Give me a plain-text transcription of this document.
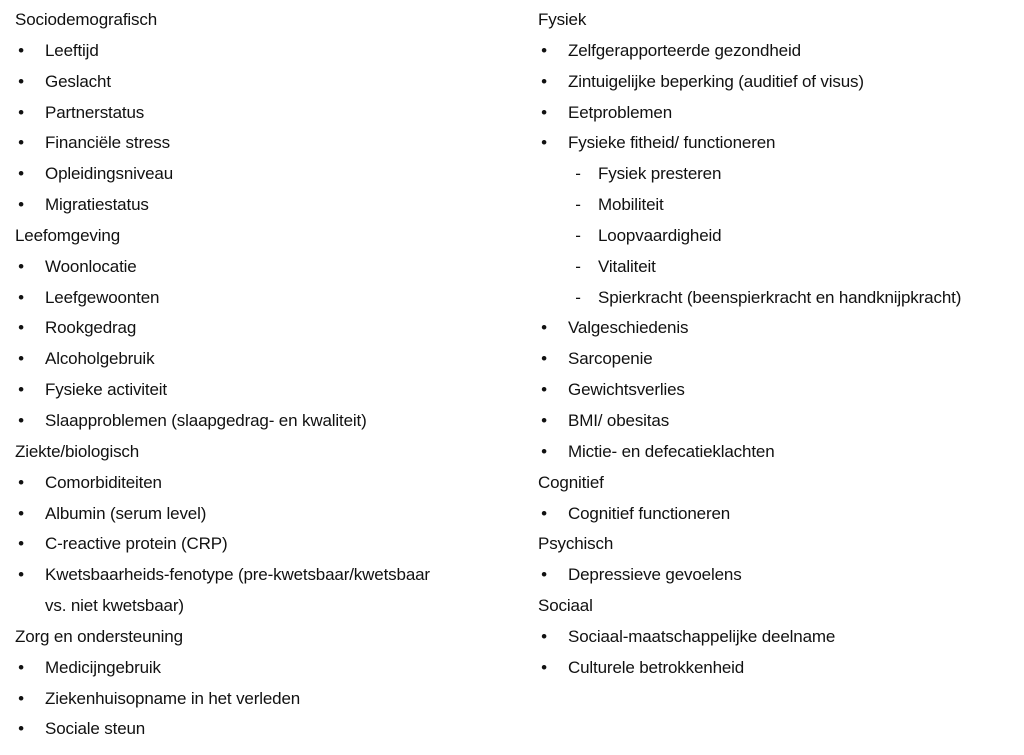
Sociodemografisch
• Leeftijd
• Geslacht
• Partnerstatus
• Financiële stress
• Opleidingsniveau
• Migratiestatus
Leefomgeving
• Woonlocatie
• Leefgewoonten
• Rookgedrag
• Alcoholgebruik
• Fysieke activiteit
• Slaapproblemen (slaapgedrag- en kwaliteit)
Ziekte/biologisch
• Comorbiditeiten
• Albumin (serum level)
• C-reactive protein (CRP)
• Kwetsbaarheids-fenotype (pre-kwetsbaar/kwetsbaar
vs. niet kwetsbaar)
Zorg en ondersteuning
• Medicijngebruik
• Ziekenhuisopname in het verleden
• Sociale steun
Fysiek
• Zelfgerapporteerde gezondheid
• Zintuigelijke beperking (auditief of visus)
• Eetproblemen
• Fysieke fitheid/ functioneren
- Fysiek presteren
- Mobiliteit
- Loopvaardigheid
- Vitaliteit
- Spierkracht (beenspierkracht en handknijpkracht)
• Valgeschiedenis
• Sarcopenie
• Gewichtsverlies
• BMI/ obesitas
• Mictie- en defecatieklachten
Cognitief
• Cognitief functioneren
Psychisch
• Depressieve gevoelens
Sociaal
• Sociaal-maatschappelijke deelname
• Culturele betrokkenheid
